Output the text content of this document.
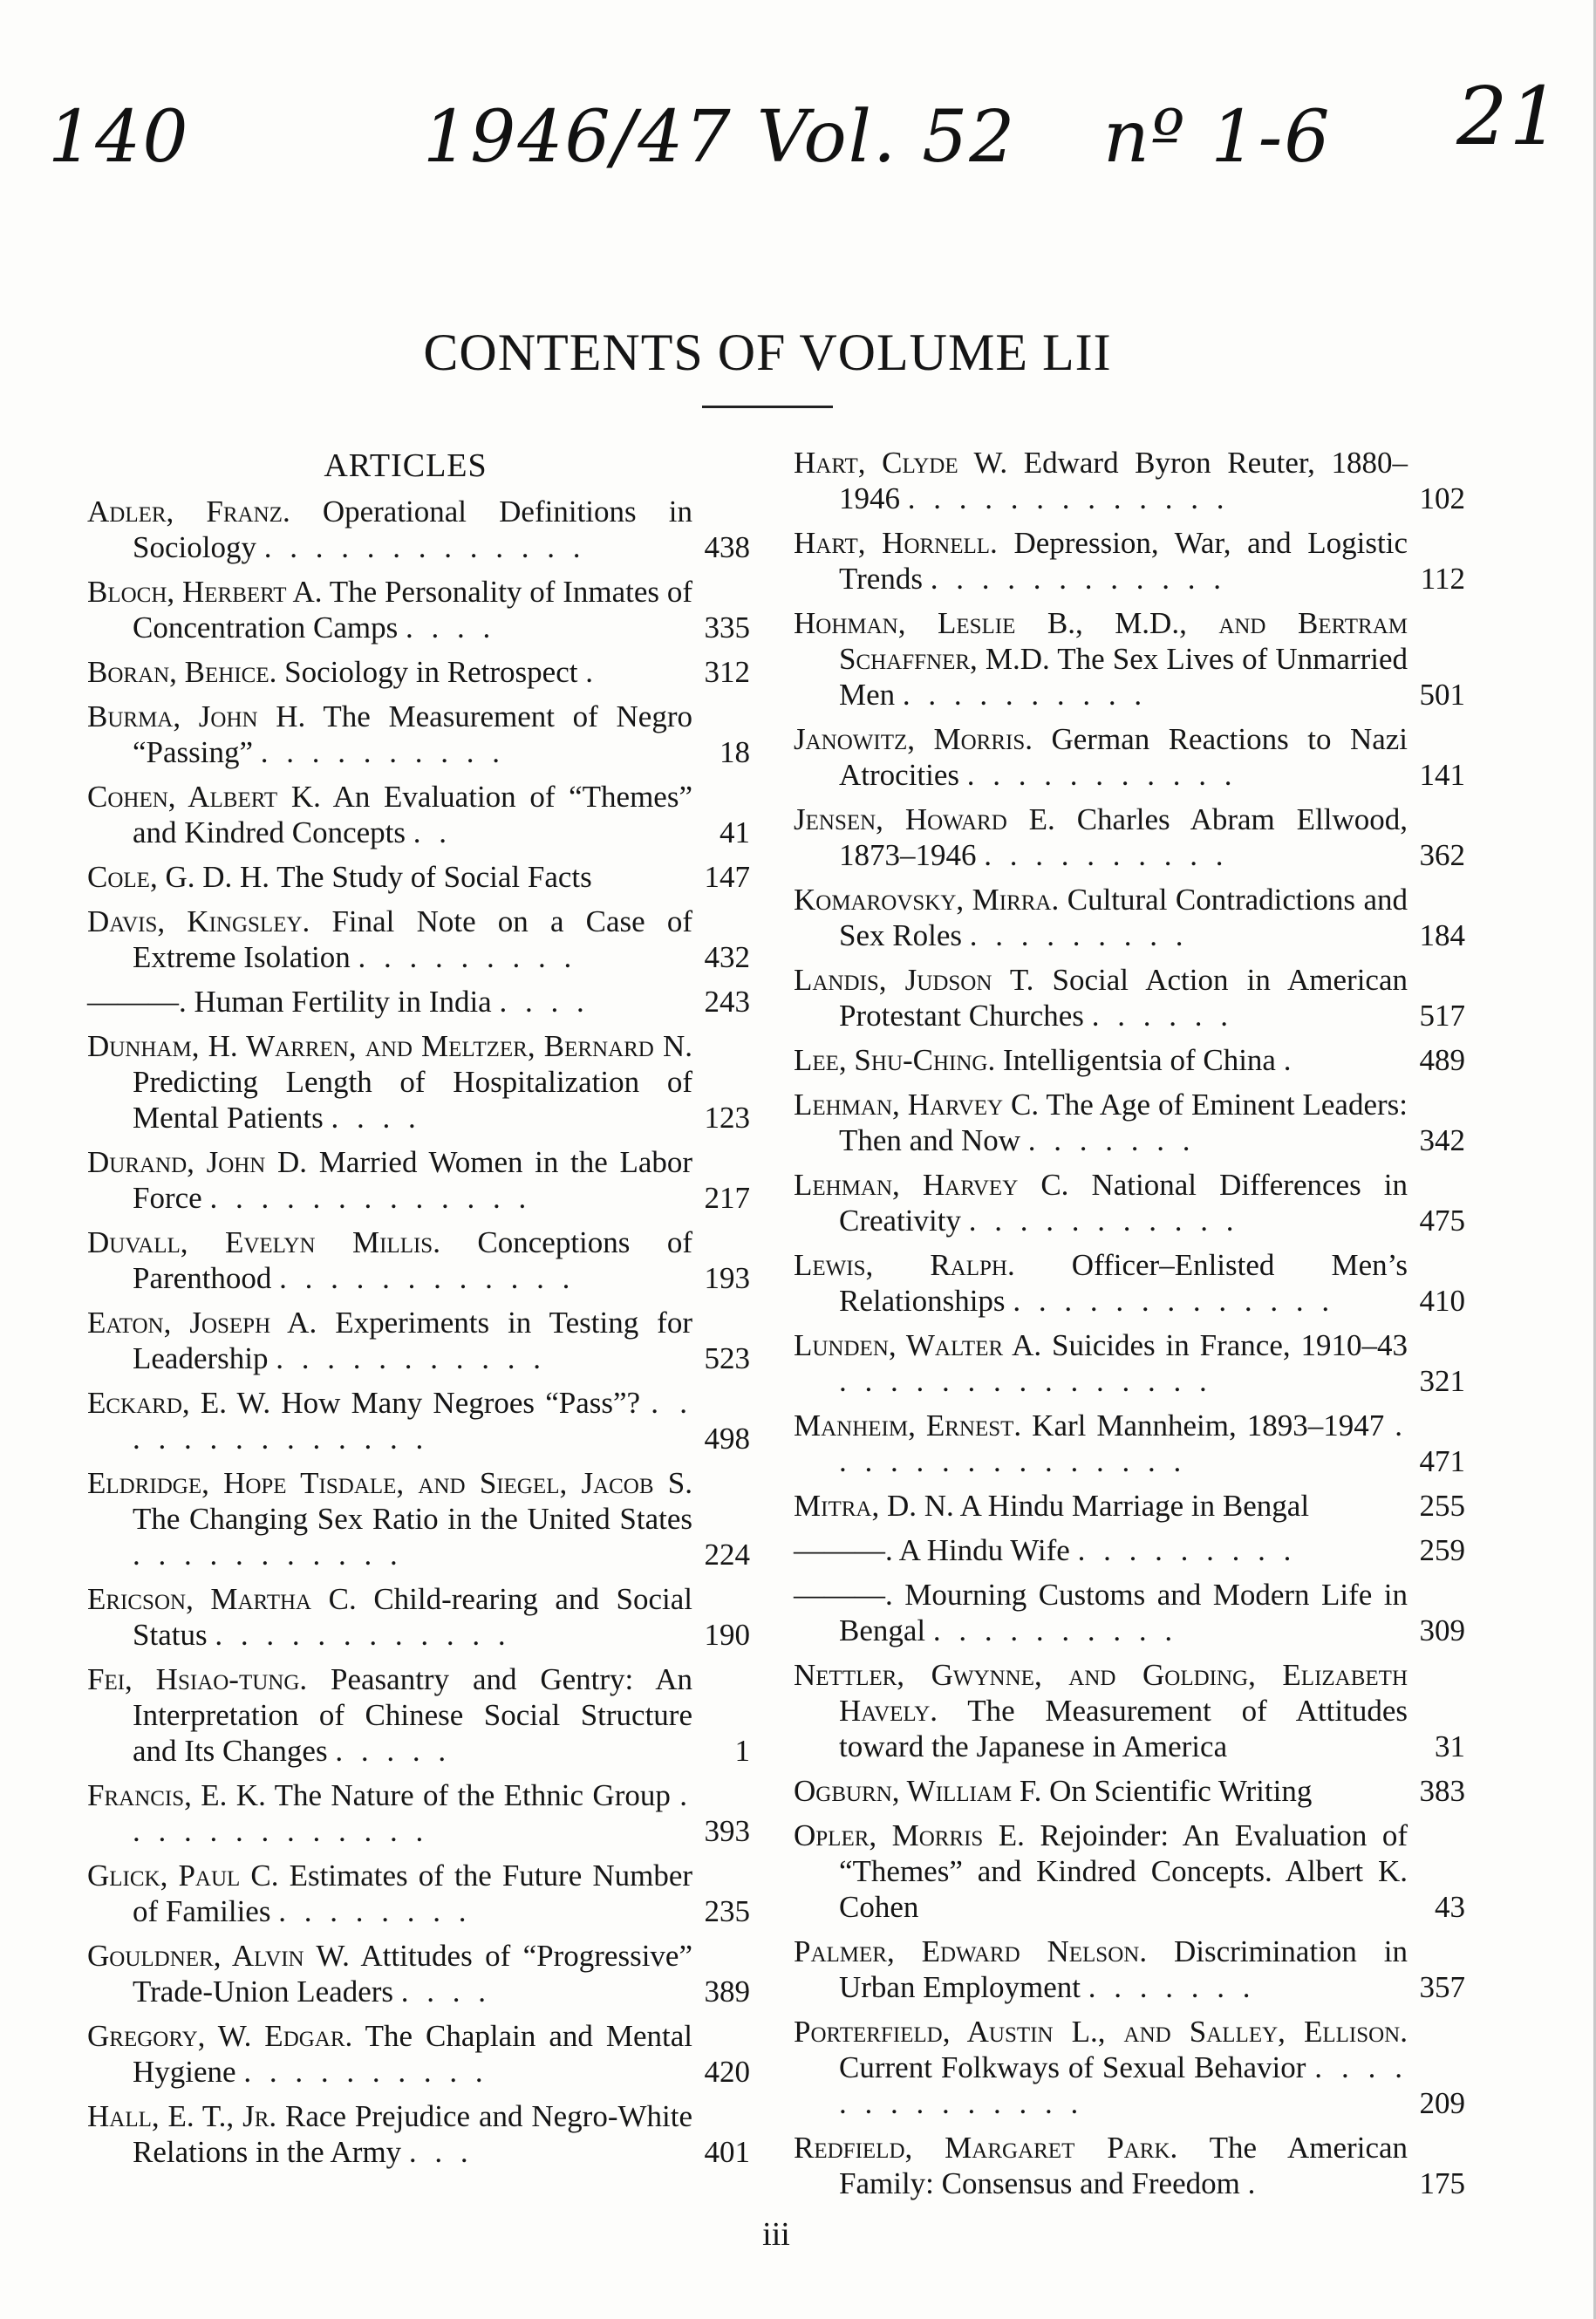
140	1946/47 Vol. 52 nº 1-6 21
CONTENTS OF VOLUME LII
ARTICLES
Adler, Franz. Operational Definitions in Sociology . . . . . . . . . . . . .	438
Bloch, Herbert A. The Personality of Inmates of Concentration Camps . . . .	335
Boran, Behice. Sociology in Retrospect .	312
Burma, John H. The Measurement of Negro “Passing” . . . . . . . . . .	18
Cohen, Albert K. An Evaluation of “Themes” and Kindred Concepts . .	41
Cole, G. D. H. The Study of Social Facts	147
Davis, Kingsley. Final Note on a Case of Extreme Isolation . . . . . . . . .	432
———. Human Fertility in India . . . .	243
Dunham, H. Warren, and Meltzer, Bernard N. Predicting Length of Hospitalization of Mental Patients . . . .	123
Durand, John D. Married Women in the Labor Force . . . . . . . . . . . . .	217
Duvall, Evelyn Millis. Conceptions of Parenthood . . . . . . . . . . . .	193
Eaton, Joseph A. Experiments in Testing for Leadership . . . . . . . . . . .	523
Eckard, E. W. How Many Negroes “Pass”? . . . . . . . . . . . . . .	498
Eldridge, Hope Tisdale, and Siegel, Jacob S. The Changing Sex Ratio in the United States . . . . . . . . . . .	224
Ericson, Martha C. Child-rearing and Social Status . . . . . . . . . . . .	190
Fei, Hsiao-tung. Peasantry and Gentry: An Interpretation of Chinese Social Structure and Its Changes . . . . .	1
Francis, E. K. The Nature of the Ethnic Group . . . . . . . . . . . . .	393
Glick, Paul C. Estimates of the Future Number of Families . . . . . . . .	235
Gouldner, Alvin W. Attitudes of “Progressive” Trade-Union Leaders . . . .	389
Gregory, W. Edgar. The Chaplain and Mental Hygiene . . . . . . . . . .	420
Hall, E. T., Jr. Race Prejudice and Negro-White Relations in the Army . . .	401
Hart, Clyde W. Edward Byron Reuter, 1880–1946 . . . . . . . . . . . . .	102
Hart, Hornell. Depression, War, and Logistic Trends . . . . . . . . . . . .	112
Hohman, Leslie B., M.D., and Bertram Schaffner, M.D. The Sex Lives of Unmarried Men . . . . . . . . . .	501
Janowitz, Morris. German Reactions to Nazi Atrocities . . . . . . . . . . .	141
Jensen, Howard E. Charles Abram Ellwood, 1873–1946 . . . . . . . . . .	362
Komarovsky, Mirra. Cultural Contradictions and Sex Roles . . . . . . . . .	184
Landis, Judson T. Social Action in American Protestant Churches . . . . . .	517
Lee, Shu-Ching. Intelligentsia of China .	489
Lehman, Harvey C. The Age of Eminent Leaders: Then and Now . . . . . . .	342
Lehman, Harvey C. National Differences in Creativity . . . . . . . . . . .	475
Lewis, Ralph. Officer–Enlisted Men’s Relationships . . . . . . . . . . . . .	410
Lunden, Walter A. Suicides in France, 1910–43 . . . . . . . . . . . . . . .	321
Manheim, Ernest. Karl Mannheim, 1893–1947 . . . . . . . . . . . . . . .	471
Mitra, D. N. A Hindu Marriage in Bengal	255
———. A Hindu Wife . . . . . . . . .	259
———. Mourning Customs and Modern Life in Bengal . . . . . . . . . .	309
Nettler, Gwynne, and Golding, Elizabeth Havely. The Measurement of Attitudes toward the Japanese in America	31
Ogburn, William F. On Scientific Writing	383
Opler, Morris E. Rejoinder: An Evaluation of “Themes” and Kindred Concepts. Albert K. Cohen	43
Palmer, Edward Nelson. Discrimination in Urban Employment . . . . . . .	357
Porterfield, Austin L., and Salley, Ellison. Current Folkways of Sexual Behavior . . . . . . . . . . . . . .	209
Redfield, Margaret Park. The American Family: Consensus and Freedom .	175
iii
